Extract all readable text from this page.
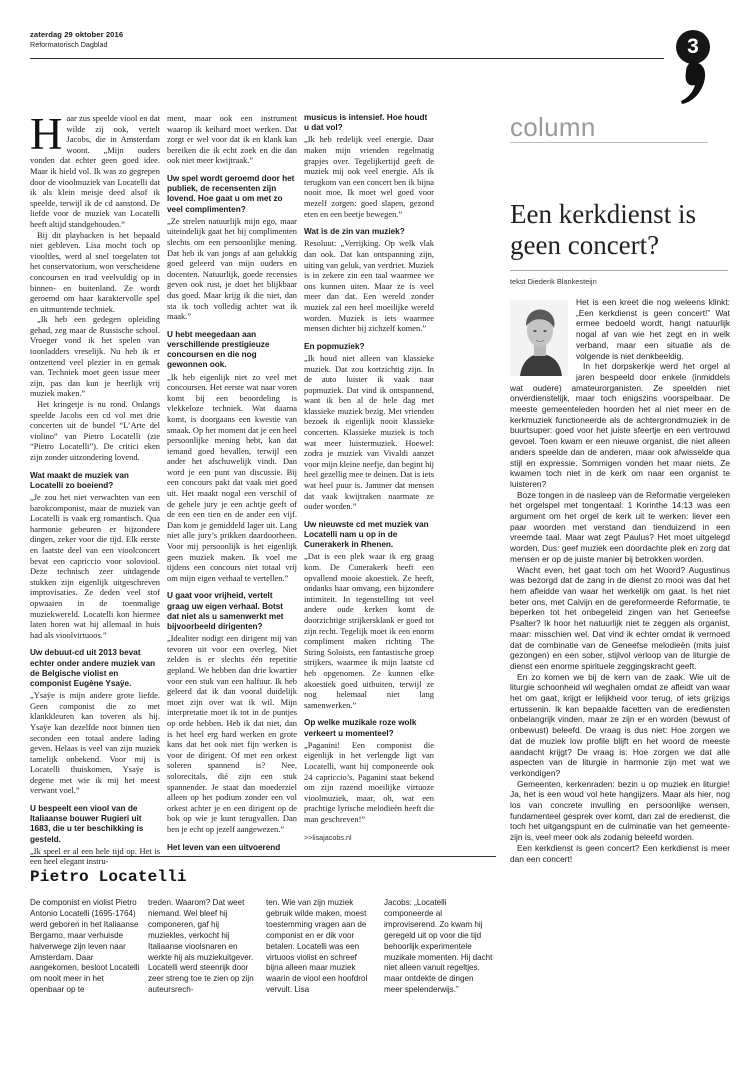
zaterdag 29 oktober 2016
Reformatorisch Dagblad	3
H aar zus speelde viool en dat wilde zij ook, vertelt Jacobs, die in Amsterdam woont. „Mijn ouders vonden dat echter geen goed idee. Maar ik hield vol. Ik was zo gegrepen door de vioolmuziek van Locatelli dat ik als klein meisje deed alsof ik speelde, terwijl ik de cd aanstond. De liefde voor de muziek van Locatelli heeft altijd standgehouden.”

Bij dit playbacken is het bepaald niet gebleven. Lisa mocht toch op viooltles, werd al snel toegelaten tot het conservatorium, won verscheidene concoursen en trad veelvuldig op in binnen- en buitenland. Ze wordt geroemd om haar karaktervolle spel en uitmuntende techniek.

„Ik heb een gedegen opleiding gehad, zeg maar de Russische school. Vroeger vond ik het spelen van toonladders vreselijk. Nu heb ik er ontzettend veel plezier in en gemak van. Techniek moet geen issue meer zijn, pas dan kun je heerlijk vrij muziek maken.”

Het kringetje is nu rond. Onlangs speelde Jacobs een cd vol met drie concerten uit de bundel “L’Arte del violino” van Pietro Locatelli (zie “Pietro Locatelli”). De critici eken zijn zonder uitzondering lovend.

Wat maakt de muziek van Locatelli zo boeiend?

„Je zou het niet verwachten van een barokcomponist, maar de muziek van Locatelli is vaak erg romantisch. Qua harmonie gebeuren er bijzondere dingen, zeker voor die tijd. Elk eerste en laatste deel van een vioolconcert bevat een capriccio voor soloviool. Deze technisch zeer uitdagende stukken zijn eigenlijk uitgeschreven improvisaties. Ze deden veel stof opwaaien in de toenmalige muziekwereld. Locatelli kon hiermee laten horen wat hij allemaal in huis had als vioolvirtuoos.”

Uw debuut-cd uit 2013 bevat echter onder andere muziek van de Belgische violist en componist Eugène Ysaÿe.

„Ysaÿe is mijn andere grote liefde. Geen componist die zo met klankkleuren kan toveren als hij. Ysaÿe kan dezelfde noot binnen tien seconden een totaal andere lading geven. Helaas is veel van zijn muziek tamelijk onbekend. Voor mij is Locatelli thuiskomen, Ysaÿe is degene met wie ik mij het meest verwant voel.”

U bespeelt een viool van de Italiaanse bouwer Rugieri uit 1683, die u ter beschikking is gesteld.

„Ik speel er al een hele tijd op. Het is een heel elegant instru-

ment, maar ook een instrument waarop ik keihard moet werken. Dat zorgt er wel voor dat ik en klank kan bereiken die ik echt zoek en die dan ook niet meer kwijtraak.”

Uw spel wordt geroemd door het publiek, de recensenten zijn lovend. Hoe gaat u om met zo veel complimenten?

„Ze strelen natuurlijk mijn ego, maar uiteindelijk gaat het bij complimenten slechts om een persoonlijke mening. Dat heb ik van jongs af aan gelukkig goed geleerd van mijn ouders en docenten. Natuurlijk, goede recensies geven ook rust, je doet het blijkbaar dus goed. Maar krijg ik die niet, dan sta ik toch volledig achter wat ik maak.”

U hebt meegedaan aan verschillende prestigieuze concoursen en die nog gewonnen ook.

„Ik heb eigenlijk niet zo veel met concoursen. Het eerste wat naar voren komt bij een beoordeling is vlekkeloze techniek. Wat daarna komt, is doorgaans een kwestie van smaak. Op het moment dat je een heel persoonlijke mening hebt, kan dat iemand goed bevallen, terwijl een ander het afschuwelijk vindt. Dan word je een punt van discussie. Bij een concours pakt dat vaak niet goed uit. Het maakt nogal een verschil of de gehele jury je een achtje geeft of de een een tien en de ander een vijf. Dan kom je gemiddeld lager uit. Lang niet alle jury’s prikken daardoorheen. Voor mij persoonlijk is het eigenlijk geen muziek maken. Ik voel me tijdens een concours niet totaal vrij om mijn eigen verhaal te vertellen.”

U gaat voor vrijheid, vertelt graag uw eigen verhaal. Botst dat niet als u samenwerkt met bijvoorbeeld dirigenten?

„Idealiter nodigt een dirigent mij van tevoren uit voor een overleg. Niet zelden is er slechts één repetitie gepland. We hebben dan drie kwartier voor een stuk van een halfuur. Ik heb geleerd dat ik dan vooral duidelijk moet zijn over wat ik wil. Mijn interpretatie moet ik tot in de puntjes op orde hebben. Heb ik dat niet, dan is het heel erg hard werken en grote kans dat het ook niet fijn werken is voor de dirigent. Of met een orkest soleren spannend is? Nee, solorecitals, dié zijn een stuk spannender. Je staat dan moederziel alleen op het podium zonder een vol orkest achter je en een dirigent op de bok op wie je kunt terugvallen. Dan ben je echt op jezelf aangewezen.”

Het leven van een uitvoerend
musicus is intensief. Hoe houdt u dat vol?

„Ik heb redelijk veel energie. Daar maken mijn vrienden regelmatig grapjes over. Tegelijkertijd geeft de muziek mij ook veel energie. Als ik terugkom van een concert ben ik bijna nooit moe. Ik moet wel goed voor mezelf zorgen: goed slapen, gezond eten en een beetje bewegen.”

Wat is de zin van muziek?

Resoluut: „Verrijking. Op welk vlak dan ook. Dat kan ontspanning zijn, uiting van geluk, van verdriet. Muziek is in zekere zin een taal waarmee we ons kunnen uiten. Maar ze is veel meer dan dat. Een wereld zonder muziek zal een heel moeilijke wereld worden. Muziek is iets waarmee mensen dichter bij zichzelf komen.”

En popmuziek?

„Ik houd niet alleen van klassieke muziek. Dat zou kortzichtig zijn. In de auto luister ik vaak naar popmuziek. Dat vind ik ontspannend, want ik ben al de hele dag met klassieke muziek bezig. Met vrienden bezoek ik eigenlijk nooit klassieke concerten. Klassieke muziek is toch wat meer luistermuziek. Hoewel: zodra je muziek van Vivaldi aanzet voor mijn kleine neefje, dan begint hij heel gezellig mee te deinen. Dat is iets wat heel puur is. Jammer dat mensen dat vaak kwijtraken naarmate ze ouder worden.”

Uw nieuwste cd met muziek van Locatelli nam u op in de Cunerakerk in Rhenen.

„Dat is een plek waar ik erg graag kom. De Cunerakerk heeft een opvallend mooie akoestiek. Ze heeft, ondanks haar omvang, een bijzondere intimiteit. In tegenstelling tot veel andere oude kerken komt de doorzichtige strijkersklank er goed tot zijn recht. Tegelijk moet ik een enorm compliment maken richting The String Soloists, een fantastische groep strijkers, waarmee ik mijn laatste cd heb opgenomen. Ze kunnen elke akoestiek goed uitbuiten, terwijl ze nog helemaal niet lang samenwerken.”

Op welke muzikale roze wolk verkeert u momenteel?

„Paganini! Een componist die eigenlijk in het verlengde ligt van Locatelli, want hij componeerde ook 24 capriccio’s. Paganini staat bekend om zijn razend moeilijke virtuoze vioolmuziek, maar, oh, wat een prachtige lyrische melodieën heeft die man geschreven!”

>>lisajacobs.nl
Pietro Locatelli

De componist en violist Pietro Antonio Locatelli (1695-1764) werd geboren in het Italiaanse Bergamo, maar verhuisde halverwege zijn leven naar Amsterdam. Daar aangekomen, besloot Locatelli om nooit meer in het openbaar op te

treden. Waarom? Dat weet niemand. Wel bleef hij componeren, gaf hij muziekles, verkocht hij Italiaanse vioolsnaren en werkte hij als muziekuitgever. Locatelli werd steenrijk door zeer streng toe te zien op zijn auteursrech-

ten. Wie van zijn muziek gebruik wilde maken, moest toestemming vragen aan de componist en er dik voor betalen. Locatelli was een virtuoos violist en schreef bijna alleen maar muziek waarin de viool een hoofdrol vervult. Lisa

Jacobs: „Locatelli componeerde al improviserend. Zo kwam hij geregeld uit op voor die tijd behoorlijk experimentele muzikale momenten. Hij dacht niet alleen vanuit regeltjes, maar ontdekte de dingen meer spelenderwijs.”

column
Een kerkdienst is geen concert?
tekst Diederik Blankesteijn

Het is een kreet die nog weleens klinkt: „Een kerkdienst is geen concert!” Wat ermee bedoeld wordt, hangt natuurlijk nogal af van wie het zegt en in welk verband, maar een situatie als de volgende is niet denkbeeldig.

In het dorpskerkje werd het orgel al jaren bespeeld door enkele (inmiddels wat oudere) amateurorganisten. Ze speelden niet onverdienstelijk, maar toch enigszins voorspelbaar. De meeste gemeenteleden hoorden het al niet meer en de kerkmuziek functioneerde als de achtergrondmuziek in de buurtsuper: goed voor het juiste sfeertje en een vertrouwd gevoel. Toen kwam er een nieuwe organist, die niet alleen anders speelde dan de anderen, maar ook afwisselde qua stijl en expressie. Sommigen vonden het maar niets. Ze kwamen toch niet in de kerk om naar een organist te luisteren?

Boze tongen in de nasleep van de Reformatie vergeleken het orgelspel met tongentaal: 1 Korinthe 14:13 was een argument om het orgel de kerk uit te werken: liever een paar woorden met verstand dan tienduizend in een vreemde taal. Maar wat zegt Paulus? Het moet uitgelegd worden. Dus: geef muziek een doordachte plek en zorg dat mensen er op de juiste manier bij betrokken worden.

Wacht even, het gaat toch om het Woord? Augustinus was bezorgd dat de zang in de dienst zo mooi was dat het hem afleidde van waar het werkelijk om gaat. Is het niet beter ons, met Calvijn en de gereformeerde Reformatie, te beperken tot het onbegeleid zingen van het Geneefse Psalter? Ik hoor het natuurlijk niet te zeggen als organist, maar: misschien wel. Dat vind ik echter omdat ik vermoed dat de combinatie van de Geneefse melodieën (mits juist gezongen) en een sober, stijlvol verloop van de liturgie de dienst een enorme spirituele zeggingskracht geeft.

En zo komen we bij de kern van de zaak. Wie uit de liturgie schoonheid wil weghalen omdat ze afleidt van waar het om gaat, krijgt er lelijkheid voor terug, of iets grijzigs ertussenin. Ik kan bepaalde facetten van de erediensten onbelangrijk vinden, maar ze zijn er en worden (bewust of onbewust) beleefd. De vraag is dus niet: Hoe zorgen we dat de muziek low profile blijft en het woord de meeste aandacht krijgt? De vraag is: Hoe zorgen we dat alle aspecten van de liturgie in harmonie zijn met wat we verkondigen?

Gemeenten, kerkenraden: bezin u op muziek en liturgie! Ja, het is een woud vol hete hangijzers. Maar als hier, nog los van concrete invulling en persoonlijke wensen, fundamenteel gesprek over komt, dan zal de eredienst, die toch het uitgangspunt en de culminatie van het gemeente-zijn is, veel meer ook als zodanig beleefd worden.

Een kerkdienst is geen concert? Een kerkdienst is meer dan een concert!
